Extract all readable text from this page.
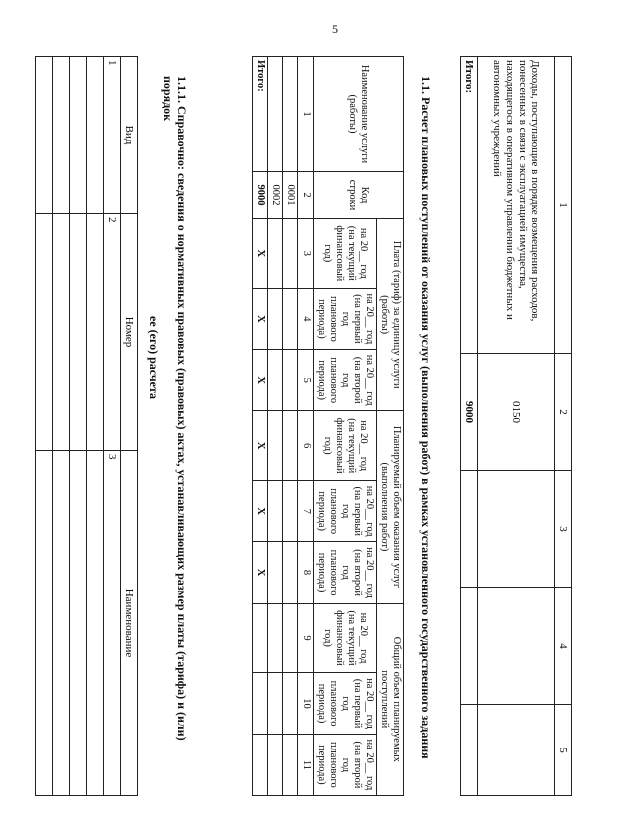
5
1	2	3	4	5
Доходы, поступающие в порядке возмещения расходов, понесенных в связи с эксплуатацией имущества, находящегося в оперативном управлении бюджетных и автономных учреждений	0150			
Итого:	9000			
1.1. Расчет плановых поступлений от оказания услуг (выполнения работ) в рамках установленного государственного задания
Наименование услуги (работы)	Код строки	Плата (тариф) за единицу услуги (работы)			Планируемый объем оказания услуг (выполнения работ)			Общий объем планируемых поступлений		
		на 20__ год (на текущий финансовый год)	на 20__ год (на первый год планового периода)	на 20__ год (на второй год планового периода)	на 20__ год (на текущий финансовый год)	на 20__ год (на первый год планового периода)	на 20__ год (на второй год планового периода)	на 20__ год (на текущий финансовый год)	на 20__ год (на первый год планового периода)	на 20__ год (на второй год планового периода)
1	2	3	4	5	6	7	8	9	10	11
	0001									
	0002									
Итого:	9000	X	X	X	X	X	X			
1.1.1. Справочно: сведения о нормативных правовых (правовых) актах, устанавливающих размер платы (тарифа) и (или) порядок
ее (его) расчета
Вид	Номер	Наименование
1	2	3
